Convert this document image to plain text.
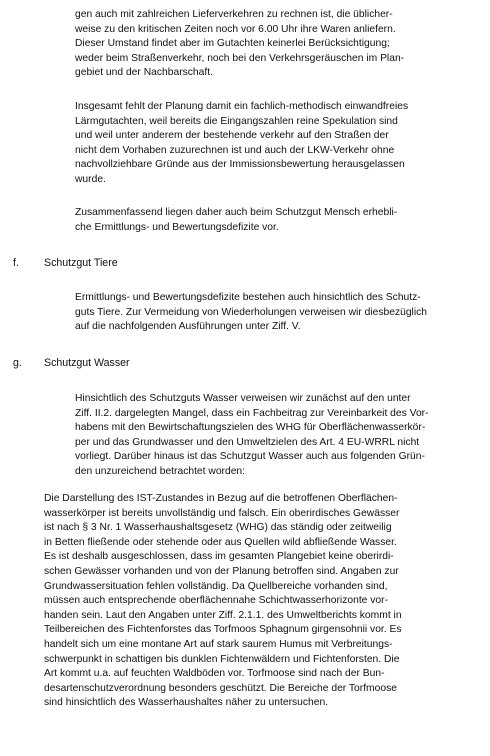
gen auch mit zahlreichen Lieferverkehren zu rechnen ist, die üblicher-
weise zu den kritischen Zeiten noch vor 6.00 Uhr ihre Waren anliefern.
Dieser Umstand findet aber im Gutachten keinerlei Berücksichtigung;
weder beim Straßenverkehr, noch bei den Verkehrsgeräuschen im Plan-
gebiet und der Nachbarschaft.
Insgesamt fehlt der Planung damit ein fachlich-methodisch einwandfreies
Lärmgutachten, weil bereits die Eingangszahlen reine Spekulation sind
und weil unter anderem der bestehende verkehr auf den Straßen der
nicht dem Vorhaben zuzurechnen ist und auch der LKW-Verkehr ohne
nachvollziehbare Gründe aus der Immissionsbewertung herausgelassen
wurde.
Zusammenfassend liegen daher auch beim Schutzgut Mensch erhebli-
che Ermittlungs- und Bewertungsdefizite vor.
f. Schutzgut Tiere
Ermittlungs- und Bewertungsdefizite bestehen auch hinsichtlich des Schutz-
guts Tiere. Zur Vermeidung von Wiederholungen verweisen wir diesbezüglich
auf die nachfolgenden Ausführungen unter Ziff. V.
g. Schutzgut Wasser
Hinsichtlich des Schutzguts Wasser verweisen wir zunächst auf den unter
Ziff. II.2. dargelegten Mangel, dass ein Fachbeitrag zur Vereinbarkeit des Vor-
habens mit den Bewirtschaftungszielen des WHG für Oberflächenwasserkör-
per und das Grundwasser und den Umweltzielen des Art. 4 EU-WRRL nicht
vorliegt. Darüber hinaus ist das Schutzgut Wasser auch aus folgenden Grün-
den unzureichend betrachtet worden:
Die Darstellung des IST-Zustandes in Bezug auf die betroffenen Oberflächen-
wasserkörper ist bereits unvollständig und falsch. Ein oberirdisches Gewässer
ist nach § 3 Nr. 1 Wasserhaushaltsgesetz (WHG) das ständig oder zeitweilig
in Betten fließende oder stehende oder aus Quellen wild abfließende Wasser.
Es ist deshalb ausgeschlossen, dass im gesamten Plangebiet keine oberirdi-
schen Gewässer vorhanden und von der Planung betroffen sind. Angaben zur
Grundwassersituation fehlen vollständig. Da Quellbereiche vorhanden sind,
müssen auch entsprechende oberflächennahe Schichtwasserhorizonte vor-
handen sein. Laut den Angaben unter Ziff. 2.1.1. des Umweltberichts kommt in
Teilbereichen des Fichtenforstes das Torfmoos Sphagnum girgensohnii vor. Es
handelt sich um eine montane Art auf stark saurem Humus mit Verbreitungs-
schwerpunkt in schattigen bis dunklen Fichtenwäldern und Fichtenforsten. Die
Art kommt u.a. auf feuchten Waldböden vor. Torfmoose sind nach der Bun-
desartenschutzverordnung besonders geschützt. Die Bereiche der Torfmoose
sind hinsichtlich des Wasserhaushaltes näher zu untersuchen.
